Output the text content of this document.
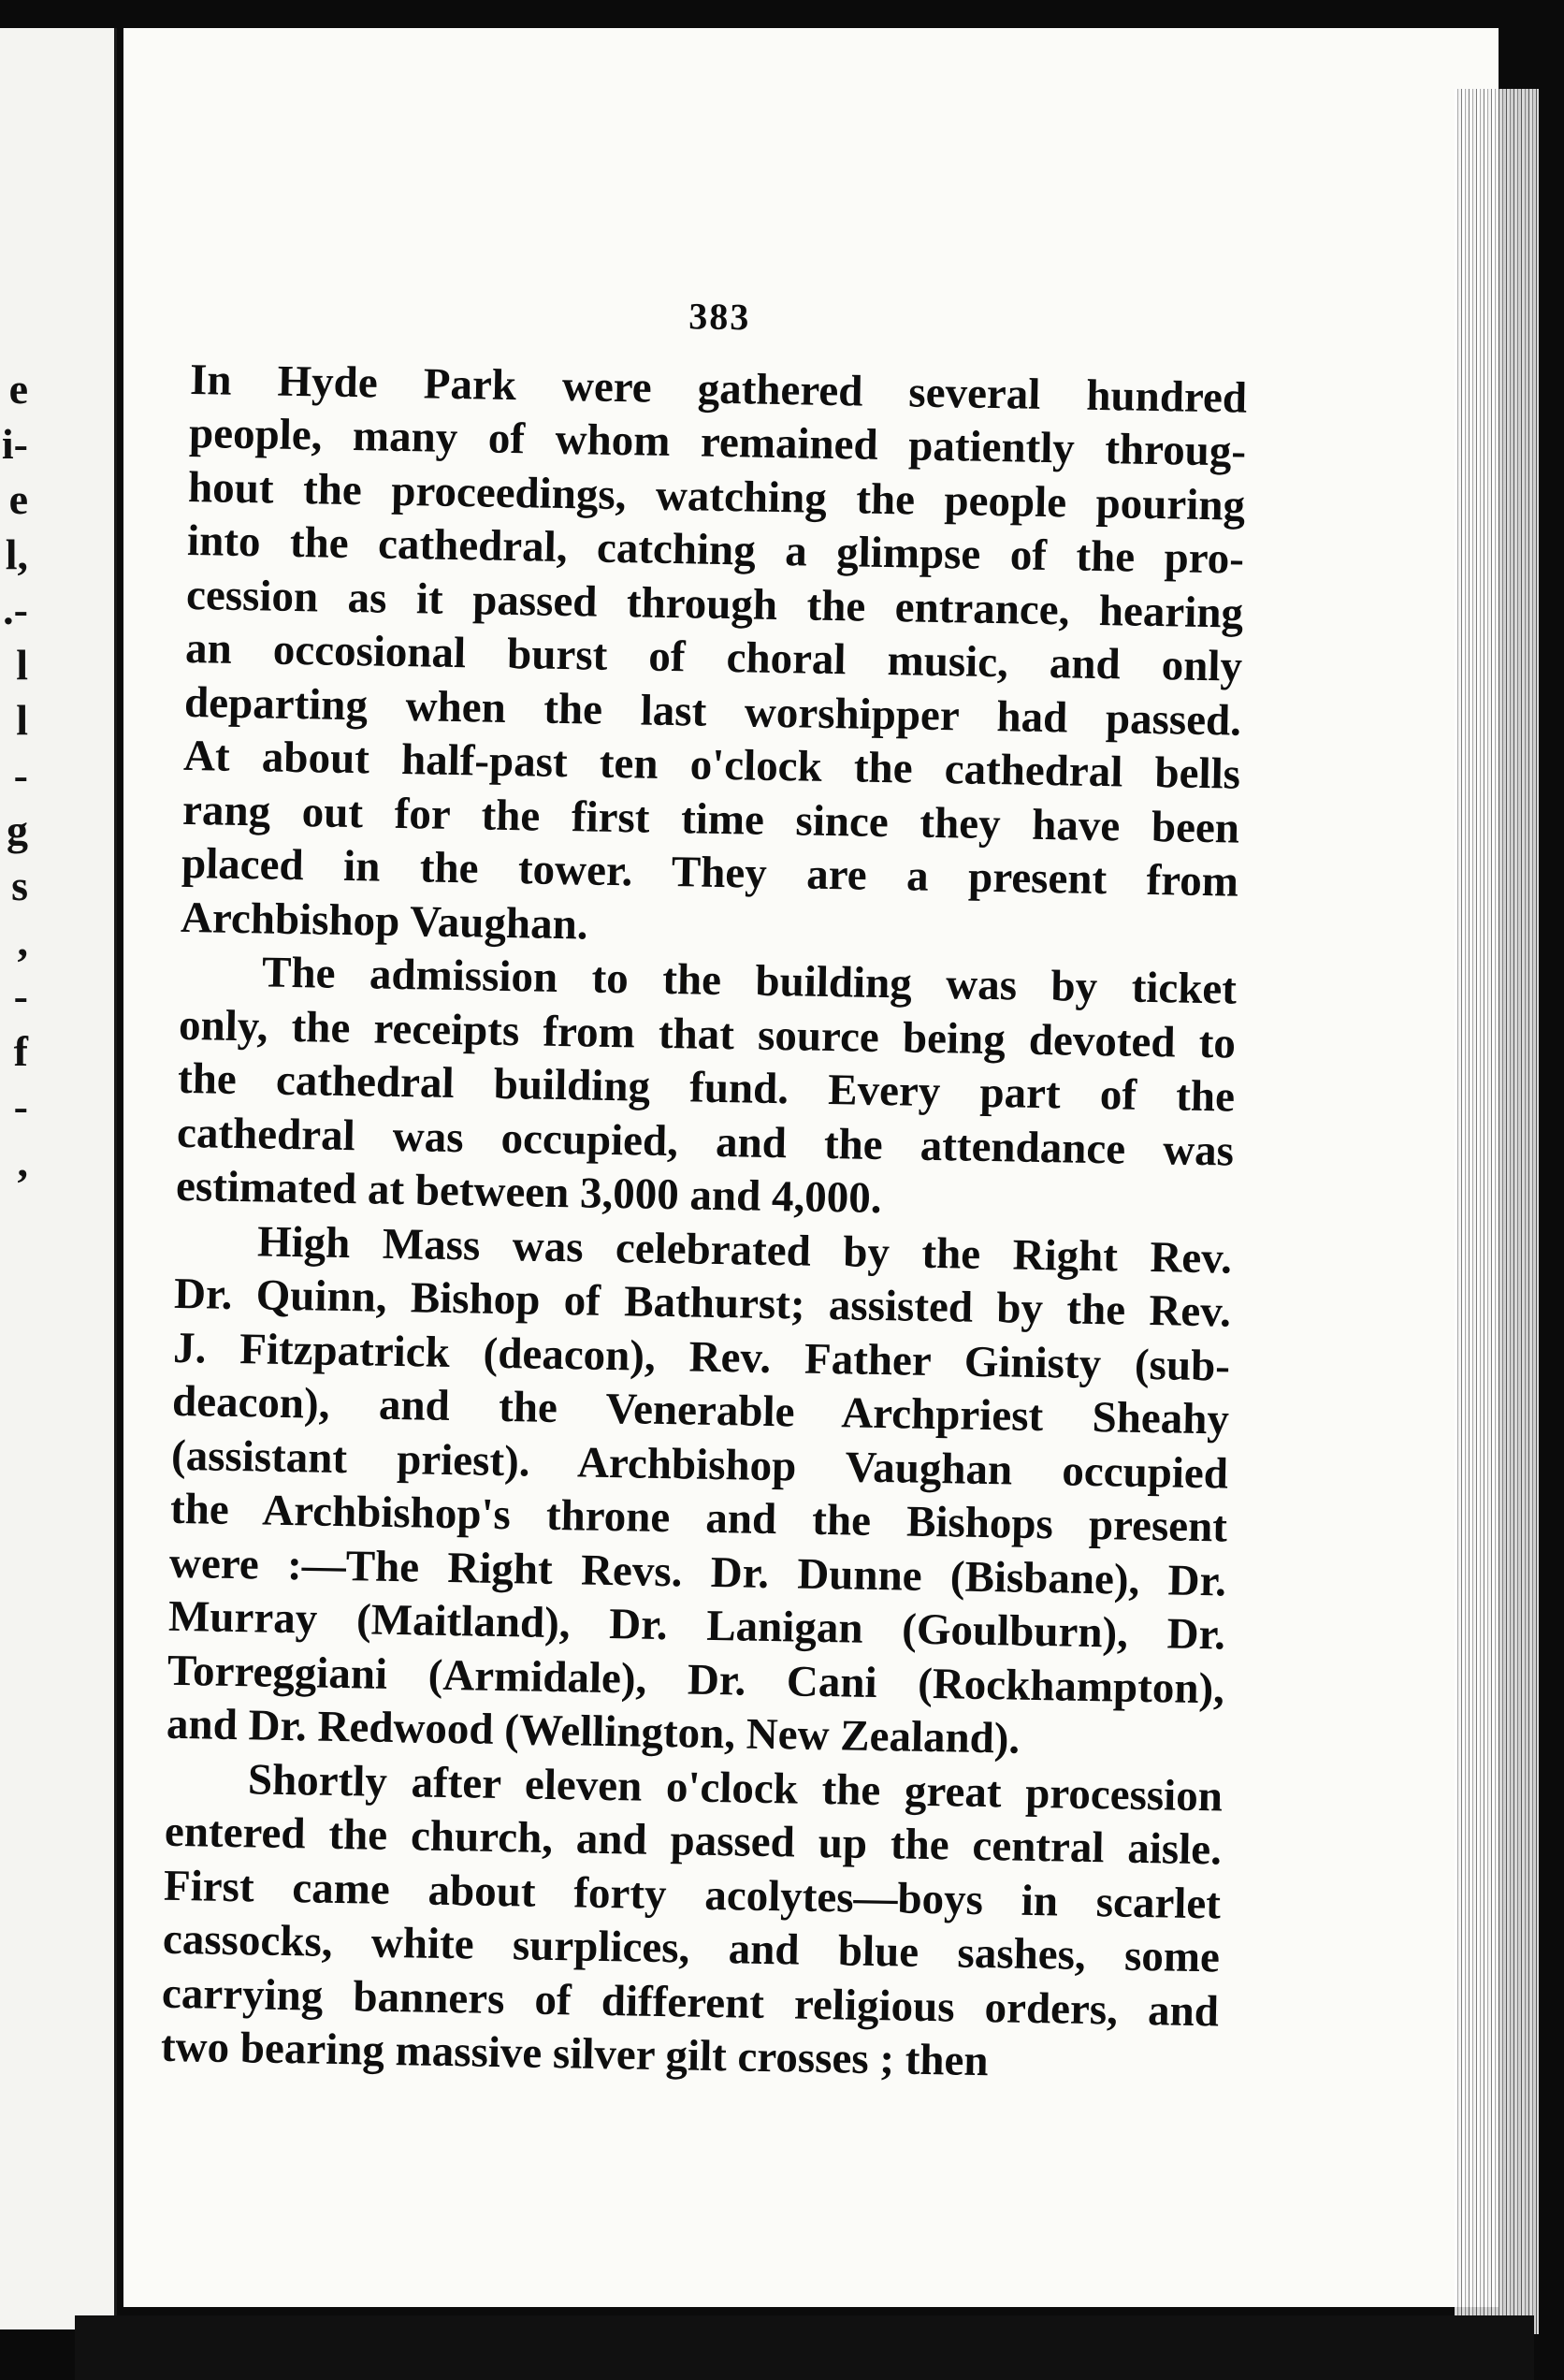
e
i-
e
l,
.-
l
l
-
g
s
,
-
f
-
,
383
In Hyde Park were gathered several hundred
people, many of whom remained patiently throug-
hout the proceedings, watching the people pouring
into the cathedral, catching a glimpse of the pro-
cession as it passed through the entrance, hearing
an occosional burst of choral music, and only
departing when the last worshipper had passed.
At about half-past ten o'clock the cathedral bells
rang out for the first time since they have been
placed in the tower. They are a present from
Archbishop Vaughan.
The admission to the building was by ticket
only, the receipts from that source being devoted to
the cathedral building fund. Every part of the
cathedral was occupied, and the attendance was
estimated at between 3,000 and 4,000.
High Mass was celebrated by the Right Rev.
Dr. Quinn, Bishop of Bathurst; assisted by the Rev.
J. Fitzpatrick (deacon), Rev. Father Ginisty (sub-
deacon), and the Venerable Archpriest Sheahy
(assistant priest). Archbishop Vaughan occupied
the Archbishop's throne and the Bishops present
were :—The Right Revs. Dr. Dunne (Bisbane), Dr.
Murray (Maitland), Dr. Lanigan (Goulburn), Dr.
Torreggiani (Armidale), Dr. Cani (Rockhampton),
and Dr. Redwood (Wellington, New Zealand).
Shortly after eleven o'clock the great procession
entered the church, and passed up the central aisle.
First came about forty acolytes—boys in scarlet
cassocks, white surplices, and blue sashes, some
carrying banners of different religious orders, and
two bearing massive silver gilt crosses ; then
